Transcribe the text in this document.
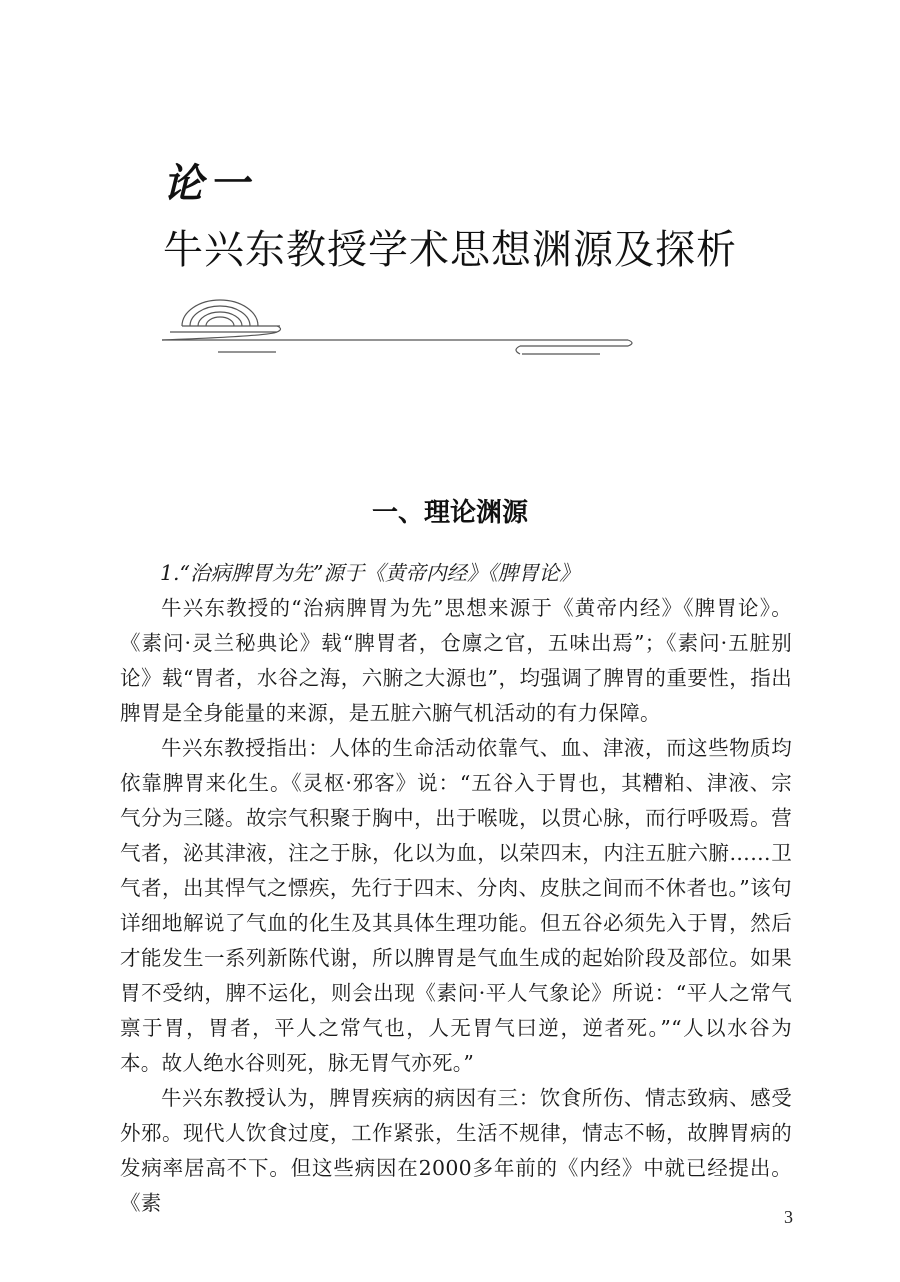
论一
牛兴东教授学术思想渊源及探析
一、理论渊源

1.“治病脾胃为先”源于《黄帝内经》《脾胃论》

牛兴东教授的“治病脾胃为先”思想来源于《黄帝内经》《脾胃论》。《素问·灵兰秘典论》载“脾胃者，仓廪之官，五味出焉”；《素问·五脏别论》载“胃者，水谷之海，六腑之大源也”，均强调了脾胃的重要性，指出脾胃是全身能量的来源，是五脏六腑气机活动的有力保障。

牛兴东教授指出：人体的生命活动依靠气、血、津液，而这些物质均依靠脾胃来化生。《灵枢·邪客》说：“五谷入于胃也，其糟粕、津液、宗气分为三隧。故宗气积聚于胸中，出于喉咙，以贯心脉，而行呼吸焉。营气者，泌其津液，注之于脉，化以为血，以荣四末，内注五脏六腑……卫气者，出其悍气之慓疾，先行于四末、分肉、皮肤之间而不休者也。”该句详细地解说了气血的化生及其具体生理功能。但五谷必须先入于胃，然后才能发生一系列新陈代谢，所以脾胃是气血生成的起始阶段及部位。如果胃不受纳，脾不运化，则会出现《素问·平人气象论》所说：“平人之常气禀于胃，胃者，平人之常气也，人无胃气曰逆，逆者死。”“人以水谷为本。故人绝水谷则死，脉无胃气亦死。”

牛兴东教授认为，脾胃疾病的病因有三：饮食所伤、情志致病、感受外邪。现代人饮食过度，工作紧张，生活不规律，情志不畅，故脾胃病的发病率居高不下。但这些病因在2000多年前的《内经》中就已经提出。《素

3
